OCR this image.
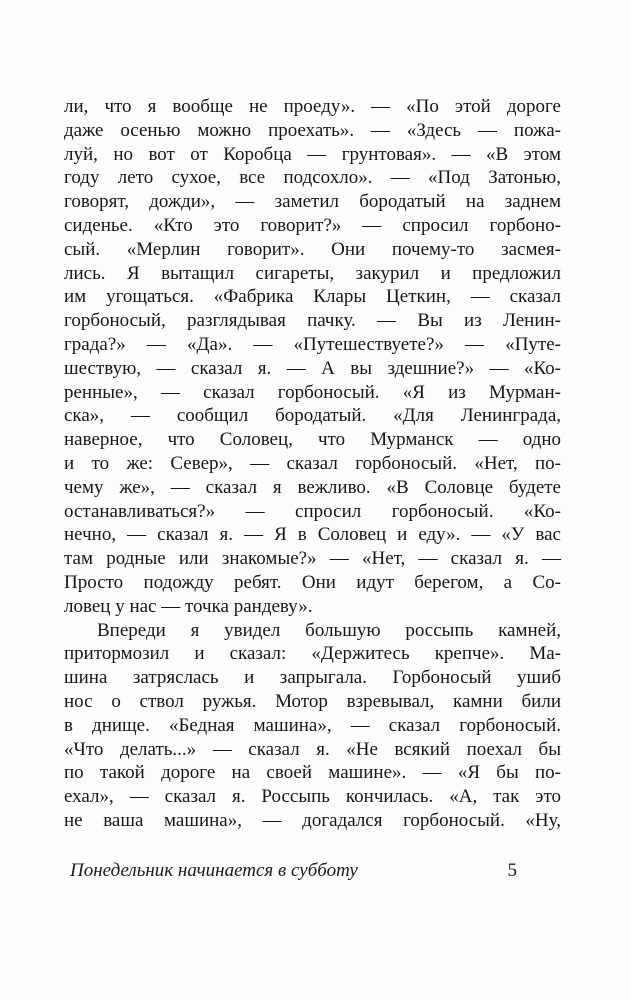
ли, что я вообще не проеду». — «По этой дороге
даже осенью можно проехать». — «Здесь — пожа-
луй, но вот от Коробца — грунтовая». — «В этом
году лето сухое, все подсохло». — «Под Затонью,
говорят, дожди», — заметил бородатый на заднем
сиденье. «Кто это говорит?» — спросил горбоно-
сый. «Мерлин говорит». Они почему-то засмея-
лись. Я вытащил сигареты, закурил и предложил
им угощаться. «Фабрика Клары Цеткин, — сказал
горбоносый, разглядывая пачку. — Вы из Ленин-
града?» — «Да». — «Путешествуете?» — «Путе-
шествую, — сказал я. — А вы здешние?» — «Ко-
ренные», — сказал горбоносый. «Я из Мурман-
ска», — сообщил бородатый. «Для Ленинграда,
наверное, что Соловец, что Мурманск — одно
и то же: Север», — сказал горбоносый. «Нет, по-
чему же», — сказал я вежливо. «В Соловце будете
останавливаться?» — спросил горбоносый. «Ко-
нечно, — сказал я. — Я в Соловец и еду». — «У вас
там родные или знакомые?» — «Нет, — сказал я. —
Просто подожду ребят. Они идут берегом, а Со-
ловец у нас — точка рандеву».
Впереди я увидел большую россыпь камней,
притормозил и сказал: «Держитесь крепче». Ма-
шина затряслась и запрыгала. Горбоносый ушиб
нос о ствол ружья. Мотор взревывал, камни били
в днище. «Бедная машина», — сказал горбоносый.
«Что делать...» — сказал я. «Не всякий поехал бы
по такой дороге на своей машине». — «Я бы по-
ехал», — сказал я. Россыпь кончилась. «А, так это
не ваша машина», — догадался горбоносый. «Ну,
Понедельник начинается в субботу	5
